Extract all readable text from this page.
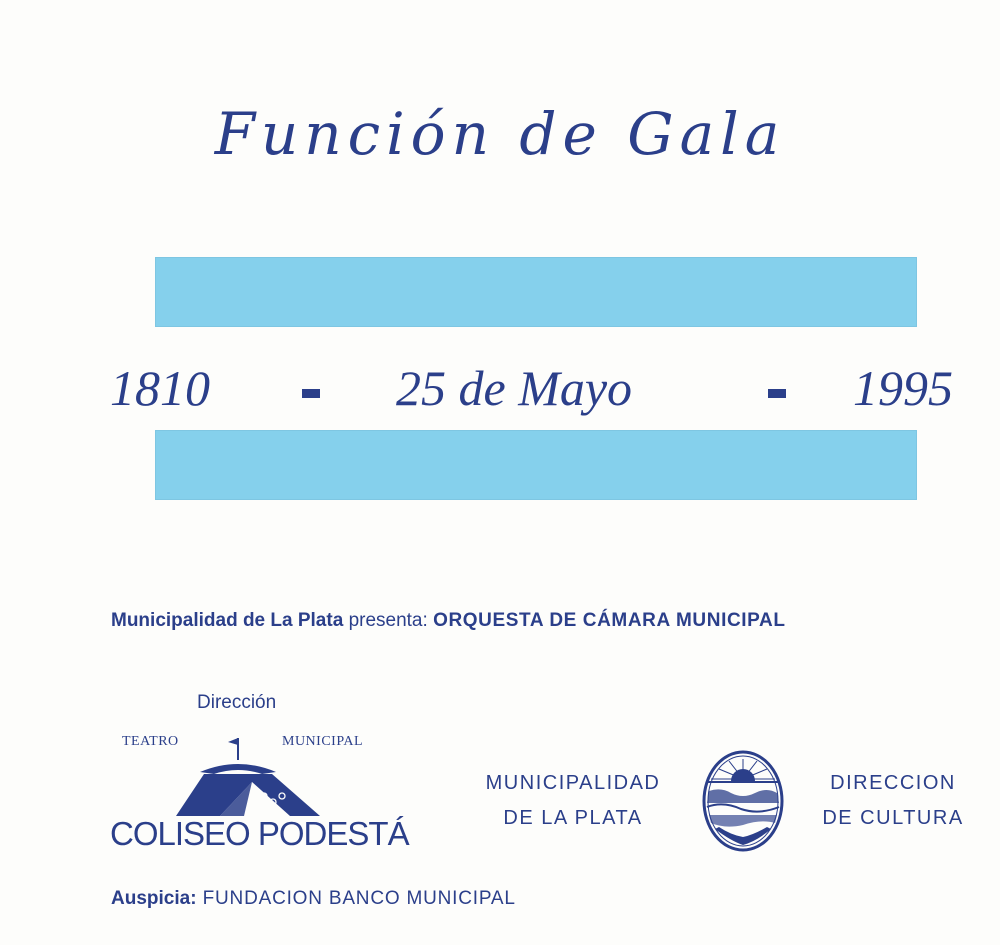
Función de Gala
1810	25 de Mayo	1995
Municipalidad de La Plata presenta: ORQUESTA DE CÁMARA MUNICIPAL
Dirección
TEATRO	MUNICIPAL
COLISEO PODESTÁ
MUNICIPALIDAD
DE LA PLATA
DIRECCION
DE CULTURA
Auspicia: FUNDACION BANCO MUNICIPAL
